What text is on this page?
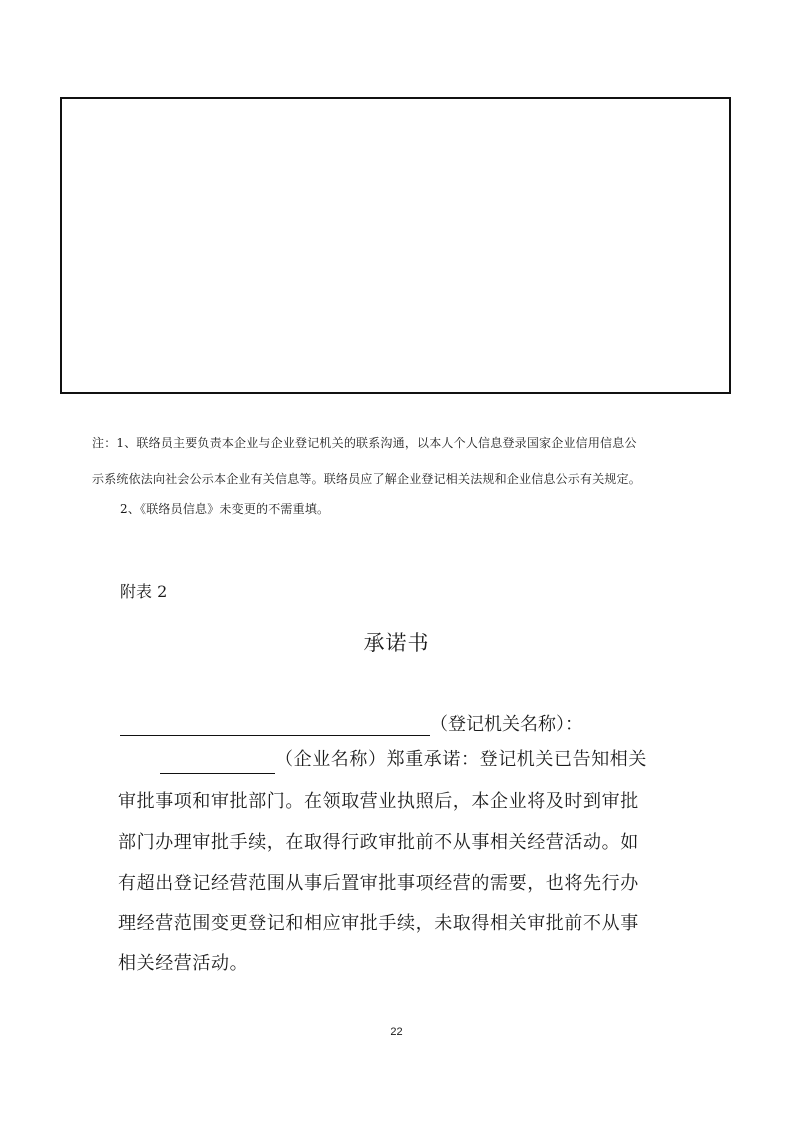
注：1、联络员主要负责本企业与企业登记机关的联系沟通，以本人个人信息登录国家企业信用信息公
示系统依法向社会公示本企业有关信息等。联络员应了解企业登记相关法规和企业信息公示有关规定。
2、《联络员信息》未变更的不需重填。
附表 2
承诺书
（登记机关名称）：
（企业名称）郑重承诺：登记机关已告知相关
审批事项和审批部门。在领取营业执照后，本企业将及时到审批
部门办理审批手续，在取得行政审批前不从事相关经营活动。如
有超出登记经营范围从事后置审批事项经营的需要，也将先行办
理经营范围变更登记和相应审批手续，未取得相关审批前不从事
相关经营活动。
22
